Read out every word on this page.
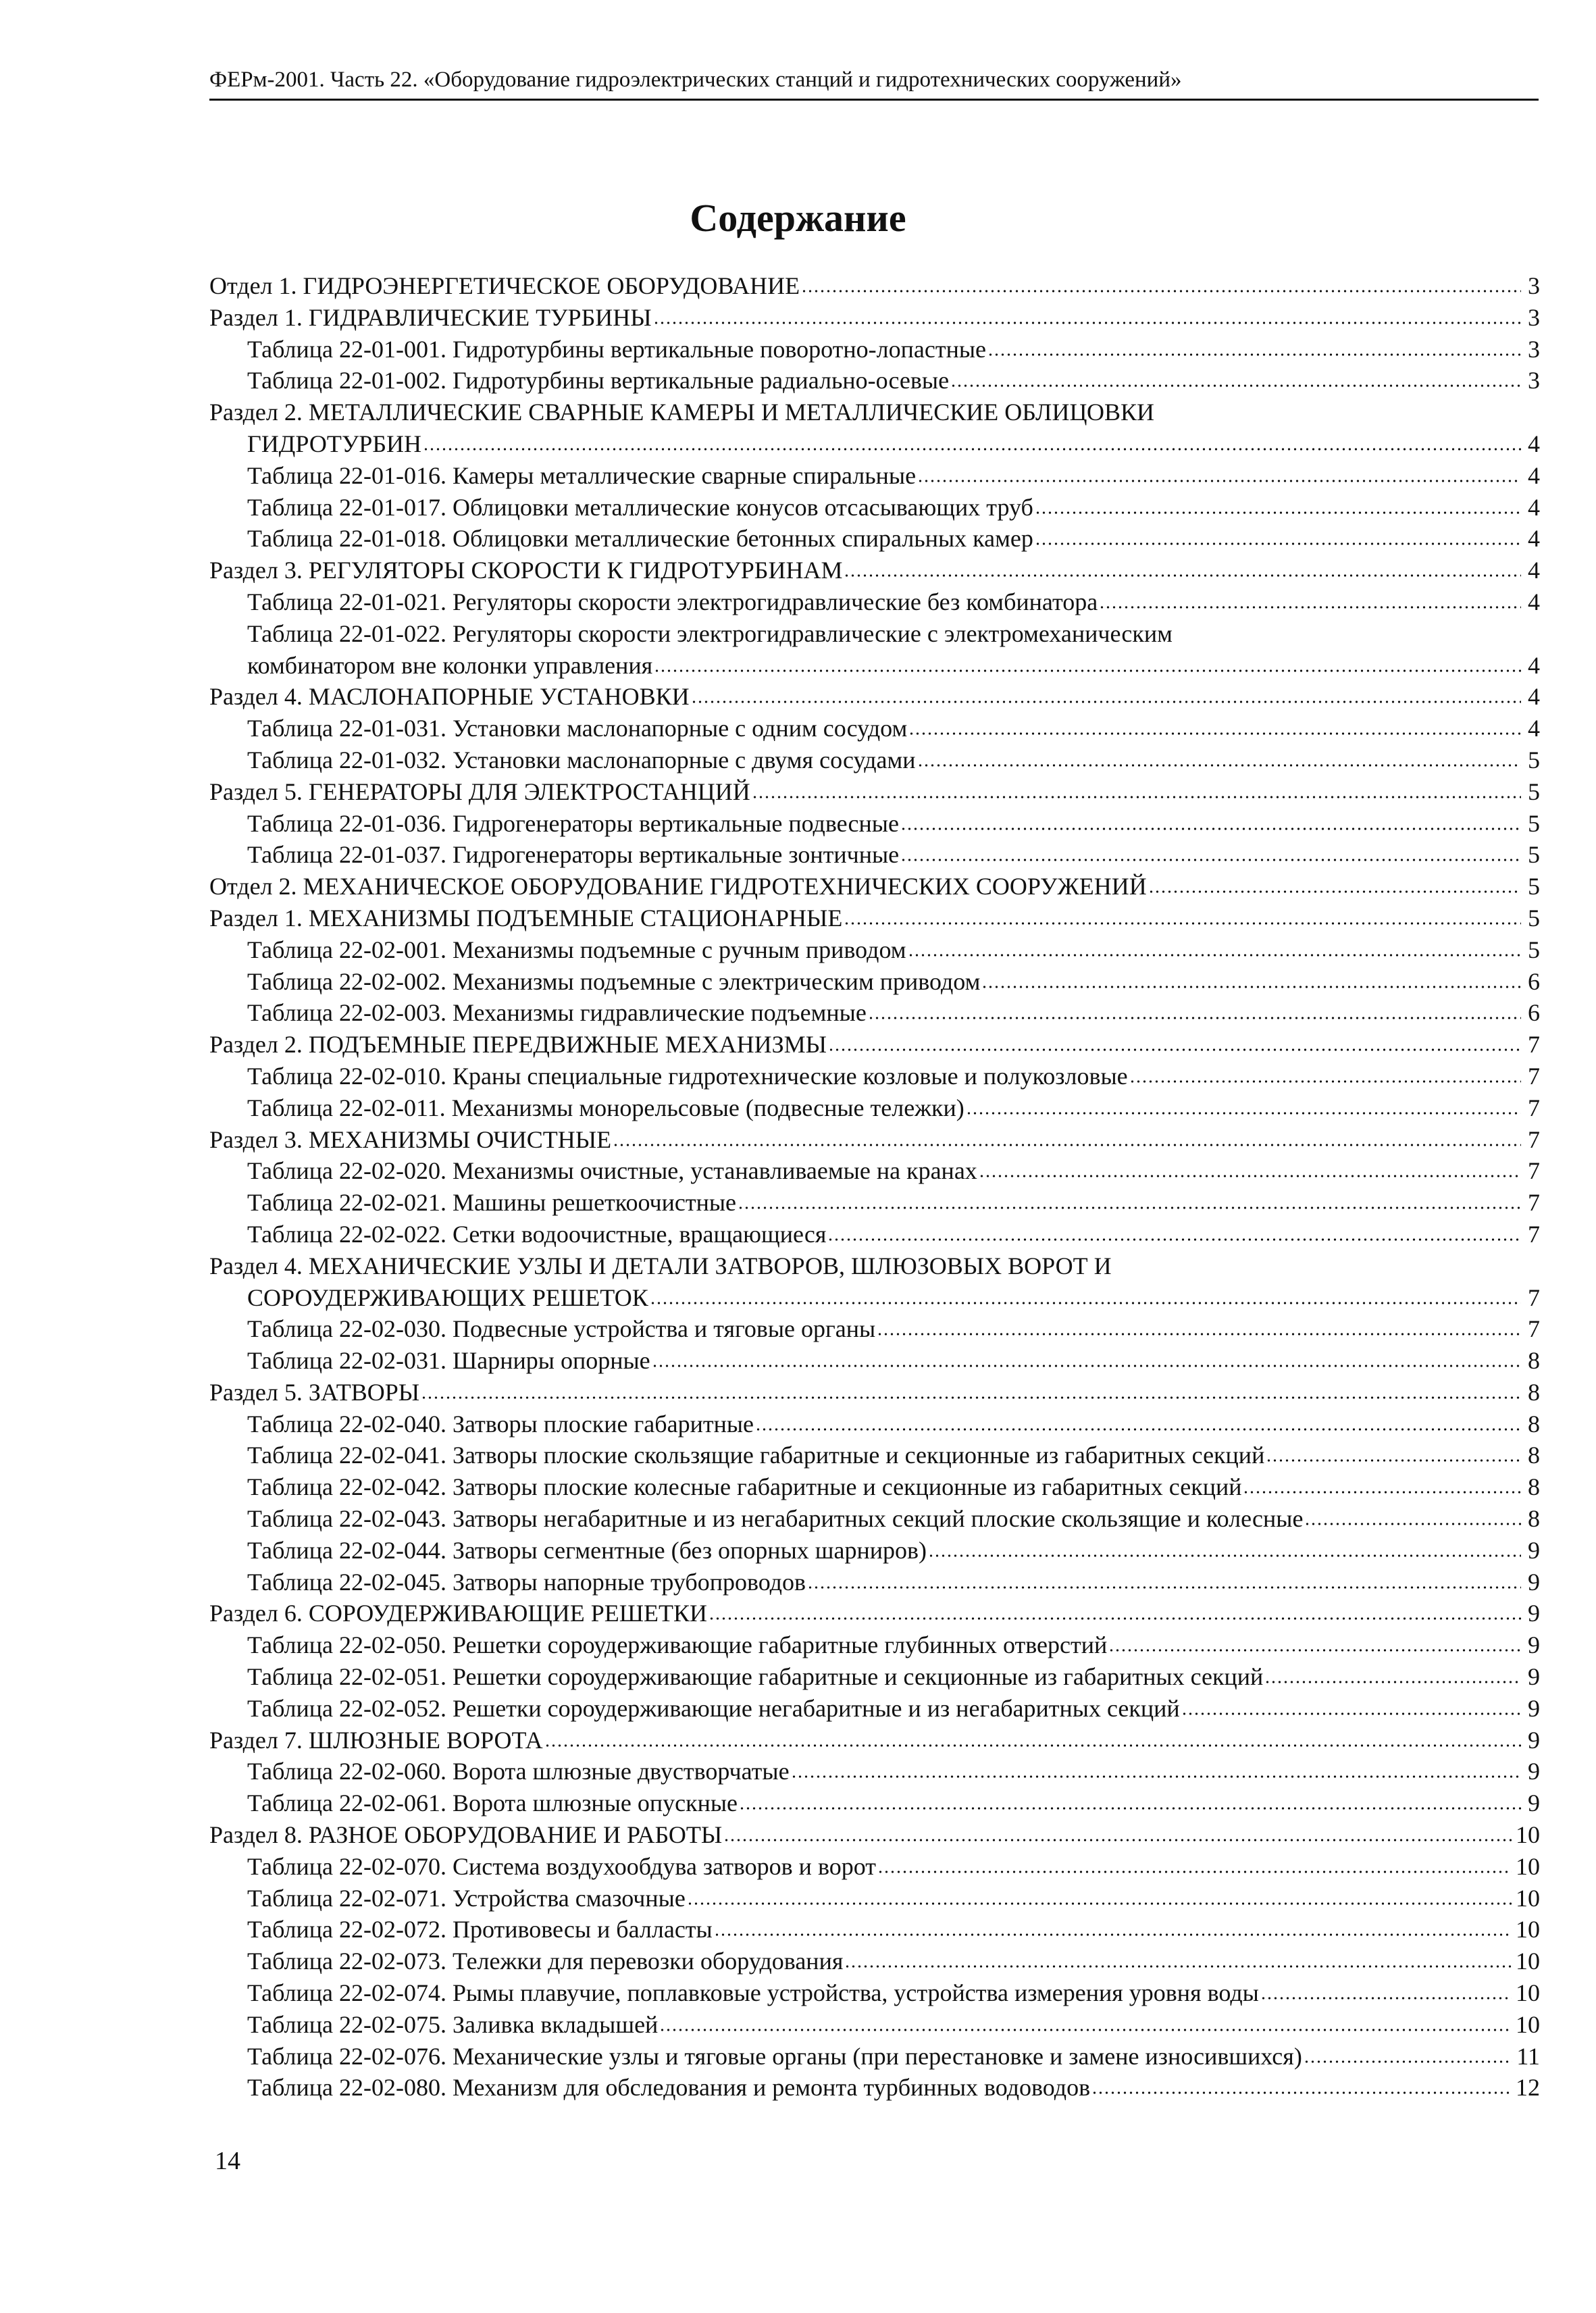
ФЕРм-2001. Часть 22. «Оборудование гидроэлектрических станций и гидротехнических сооружений»
Содержание
Отдел 1. ГИДРОЭНЕРГЕТИЧЕСКОЕ ОБОРУДОВАНИЕ	3
Раздел 1. ГИДРАВЛИЧЕСКИЕ ТУРБИНЫ	3
Таблица 22-01-001. Гидротурбины вертикальные поворотно-лопастные	3
Таблица 22-01-002. Гидротурбины вертикальные радиально-осевые	3
Раздел 2. МЕТАЛЛИЧЕСКИЕ СВАРНЫЕ КАМЕРЫ И МЕТАЛЛИЧЕСКИЕ ОБЛИЦОВКИ
ГИДРОТУРБИН	4
Таблица 22-01-016. Камеры металлические сварные спиральные	4
Таблица 22-01-017. Облицовки металлические конусов отсасывающих труб	4
Таблица 22-01-018. Облицовки металлические бетонных спиральных камер	4
Раздел 3. РЕГУЛЯТОРЫ СКОРОСТИ К ГИДРОТУРБИНАМ	4
Таблица 22-01-021. Регуляторы скорости электрогидравлические без комбинатора	4
Таблица 22-01-022. Регуляторы скорости электрогидравлические с электромеханическим
комбинатором вне колонки управления	4
Раздел 4. МАСЛОНАПОРНЫЕ УСТАНОВКИ	4
Таблица 22-01-031. Установки маслонапорные с одним сосудом	4
Таблица 22-01-032. Установки маслонапорные с двумя сосудами	5
Раздел 5. ГЕНЕРАТОРЫ ДЛЯ ЭЛЕКТРОСТАНЦИЙ	5
Таблица 22-01-036. Гидрогенераторы вертикальные подвесные	5
Таблица 22-01-037. Гидрогенераторы вертикальные зонтичные	5
Отдел 2. МЕХАНИЧЕСКОЕ ОБОРУДОВАНИЕ ГИДРОТЕХНИЧЕСКИХ СООРУЖЕНИЙ	5
Раздел 1. МЕХАНИЗМЫ ПОДЪЕМНЫЕ СТАЦИОНАРНЫЕ	5
Таблица 22-02-001. Механизмы подъемные с ручным приводом	5
Таблица 22-02-002. Механизмы подъемные с электрическим приводом	6
Таблица 22-02-003. Механизмы гидравлические подъемные	6
Раздел 2. ПОДЪЕМНЫЕ ПЕРЕДВИЖНЫЕ МЕХАНИЗМЫ	7
Таблица 22-02-010. Краны специальные гидротехнические козловые и полукозловые	7
Таблица 22-02-011. Механизмы монорельсовые (подвесные тележки)	7
Раздел 3. МЕХАНИЗМЫ ОЧИСТНЫЕ	7
Таблица 22-02-020. Механизмы очистные, устанавливаемые на кранах	7
Таблица 22-02-021. Машины решеткоочистные	7
Таблица 22-02-022. Сетки водоочистные, вращающиеся	7
Раздел 4. МЕХАНИЧЕСКИЕ УЗЛЫ И ДЕТАЛИ ЗАТВОРОВ, ШЛЮЗОВЫХ ВОРОТ И
СОРОУДЕРЖИВАЮЩИХ РЕШЕТОК	7
Таблица 22-02-030. Подвесные устройства и тяговые органы	7
Таблица 22-02-031. Шарниры опорные	8
Раздел 5. ЗАТВОРЫ	8
Таблица 22-02-040. Затворы плоские габаритные	8
Таблица 22-02-041. Затворы плоские скользящие габаритные и секционные из габаритных секций	8
Таблица 22-02-042. Затворы плоские колесные габаритные и секционные из габаритных секций	8
Таблица 22-02-043. Затворы негабаритные и из негабаритных секций плоские скользящие и колесные	8
Таблица 22-02-044. Затворы сегментные (без опорных шарниров)	9
Таблица 22-02-045. Затворы напорные трубопроводов	9
Раздел 6. СОРОУДЕРЖИВАЮЩИЕ РЕШЕТКИ	9
Таблица 22-02-050. Решетки сороудерживающие габаритные глубинных отверстий	9
Таблица 22-02-051. Решетки сороудерживающие габаритные и секционные из габаритных секций	9
Таблица 22-02-052. Решетки сороудерживающие негабаритные и из негабаритных секций	9
Раздел 7. ШЛЮЗНЫЕ ВОРОТА	9
Таблица 22-02-060. Ворота шлюзные двустворчатые	9
Таблица 22-02-061. Ворота шлюзные опускные	9
Раздел 8. РАЗНОЕ ОБОРУДОВАНИЕ И РАБОТЫ	10
Таблица 22-02-070. Система воздухообдува затворов и ворот	10
Таблица 22-02-071. Устройства смазочные	10
Таблица 22-02-072. Противовесы и балласты	10
Таблица 22-02-073. Тележки для перевозки оборудования	10
Таблица 22-02-074. Рымы плавучие, поплавковые устройства, устройства измерения уровня воды	10
Таблица 22-02-075. Заливка вкладышей	10
Таблица 22-02-076. Механические узлы и тяговые органы (при перестановке и замене износившихся)	11
Таблица 22-02-080. Механизм для обследования и ремонта турбинных водоводов	12
14
